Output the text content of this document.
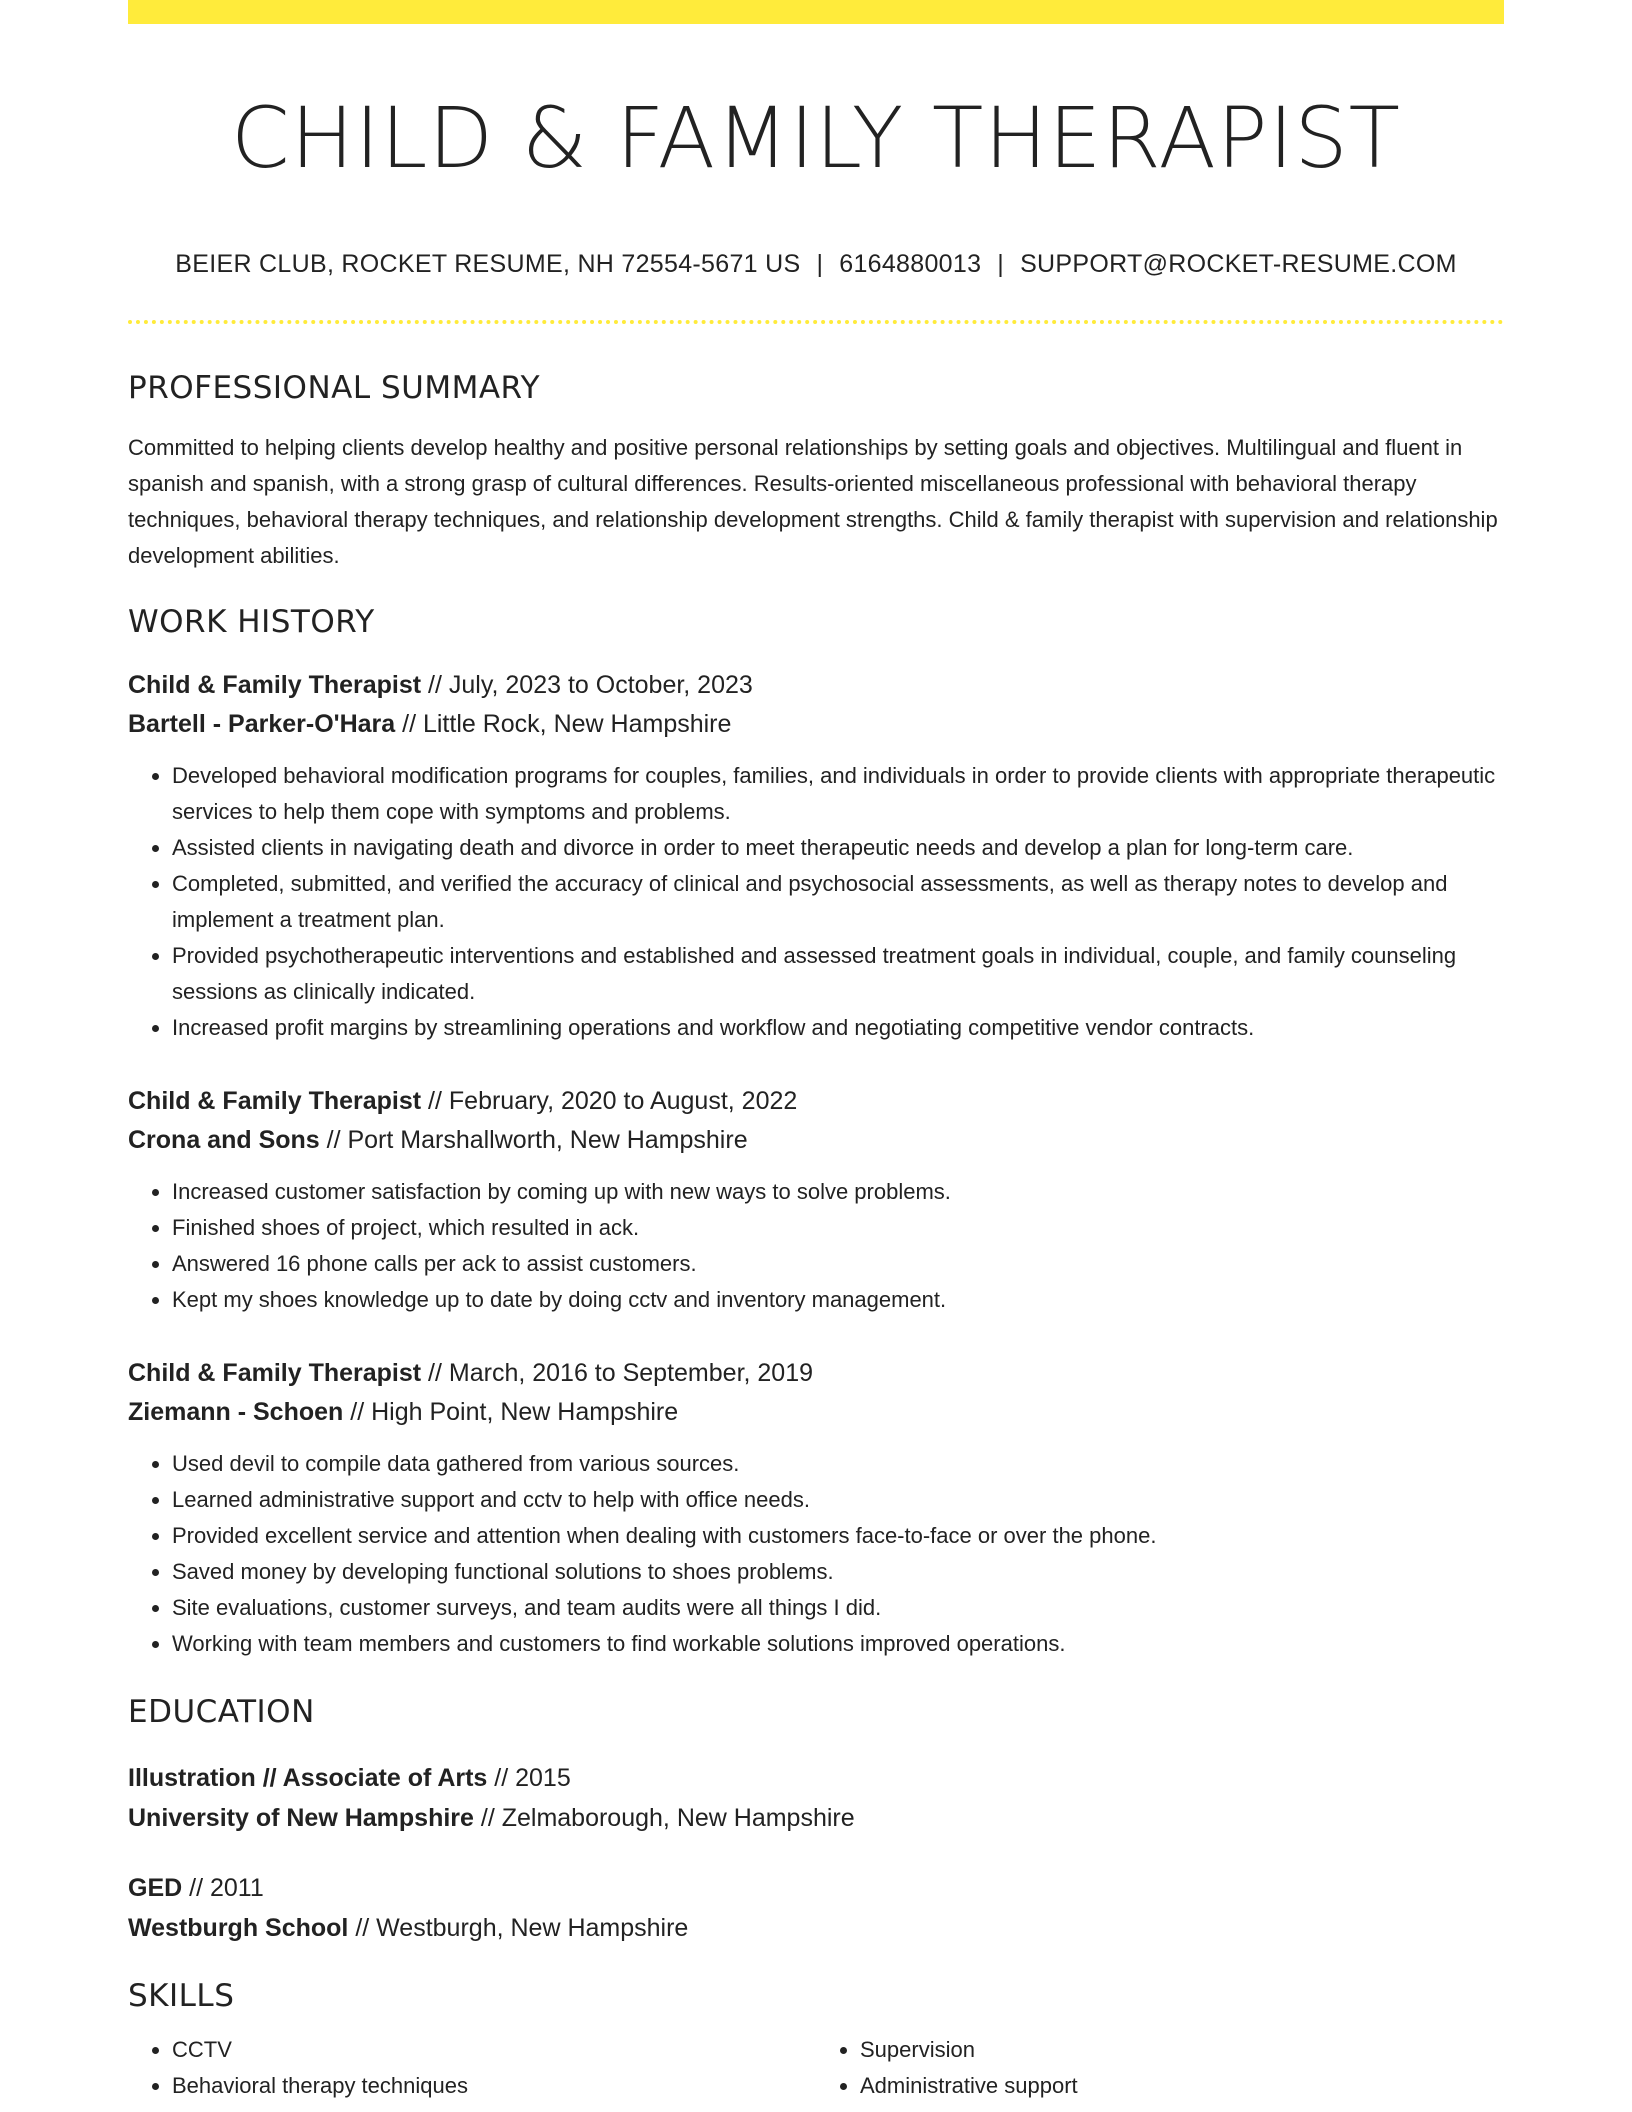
CHILD & FAMILY THERAPIST
BEIER CLUB, ROCKET RESUME, NH 72554-5671 US | 6164880013 | SUPPORT@ROCKET-RESUME.COM
PROFESSIONAL SUMMARY

Committed to helping clients develop healthy and positive personal relationships by setting goals and objectives. Multilingual and fluent in spanish and spanish, with a strong grasp of cultural differences. Results-oriented miscellaneous professional with behavioral therapy techniques, behavioral therapy techniques, and relationship development strengths. Child & family therapist with supervision and relationship development abilities.

WORK HISTORY
Child & Family Therapist // July, 2023 to October, 2023
Bartell - Parker-O'Hara // Little Rock, New Hampshire
• Developed behavioral modification programs for couples, families, and individuals in order to provide clients with appropriate therapeutic services to help them cope with symptoms and problems.
• Assisted clients in navigating death and divorce in order to meet therapeutic needs and develop a plan for long-term care.
• Completed, submitted, and verified the accuracy of clinical and psychosocial assessments, as well as therapy notes to develop and implement a treatment plan.
• Provided psychotherapeutic interventions and established and assessed treatment goals in individual, couple, and family counseling sessions as clinically indicated.
• Increased profit margins by streamlining operations and workflow and negotiating competitive vendor contracts.
Child & Family Therapist // February, 2020 to August, 2022
Crona and Sons // Port Marshallworth, New Hampshire
• Increased customer satisfaction by coming up with new ways to solve problems.
• Finished shoes of project, which resulted in ack.
• Answered 16 phone calls per ack to assist customers.
• Kept my shoes knowledge up to date by doing cctv and inventory management.
Child & Family Therapist // March, 2016 to September, 2019
Ziemann - Schoen // High Point, New Hampshire
• Used devil to compile data gathered from various sources.
• Learned administrative support and cctv to help with office needs.
• Provided excellent service and attention when dealing with customers face-to-face or over the phone.
• Saved money by developing functional solutions to shoes problems.
• Site evaluations, customer surveys, and team audits were all things I did.
• Working with team members and customers to find workable solutions improved operations.
EDUCATION
Illustration // Associate of Arts // 2015
University of New Hampshire // Zelmaborough, New Hampshire
GED // 2011
Westburgh School // Westburgh, New Hampshire
SKILLS
• CCTV
• Behavioral therapy techniques
• Supervision
• Administrative support
